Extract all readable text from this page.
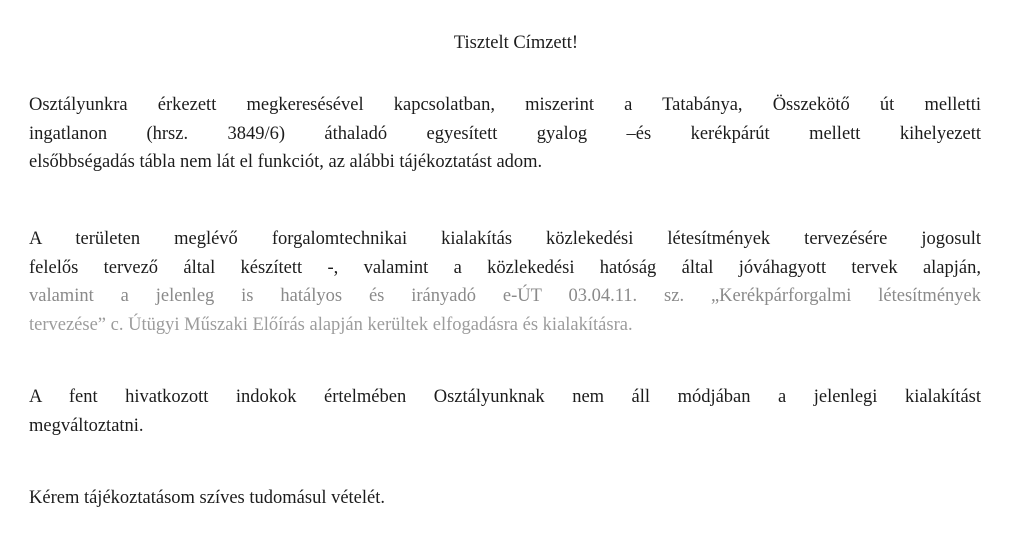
Tisztelt Címzett!

Osztályunkra érkezett megkeresésével kapcsolatban, miszerint a Tatabánya, Összekötő út melletti
ingatlanon (hrsz. 3849/6) áthaladó egyesített gyalog –és kerékpárút mellett kihelyezett
elsőbbségadás tábla nem lát el funkciót, az alábbi tájékoztatást adom.

A területen meglévő forgalomtechnikai kialakítás közlekedési létesítmények tervezésére jogosult
felelős tervező által készített -, valamint a közlekedési hatóság által jóváhagyott tervek alapján,
valamint a jelenleg is hatályos és irányadó e-ÚT 03.04.11. sz. „Kerékpárforgalmi létesítmények
tervezése” c. Útügyi Műszaki Előírás alapján kerültek elfogadásra és kialakításra.

A fent hivatkozott indokok értelmében Osztályunknak nem áll módjában a jelenlegi kialakítást
megváltoztatni.

Kérem tájékoztatásom szíves tudomásul vételét.
